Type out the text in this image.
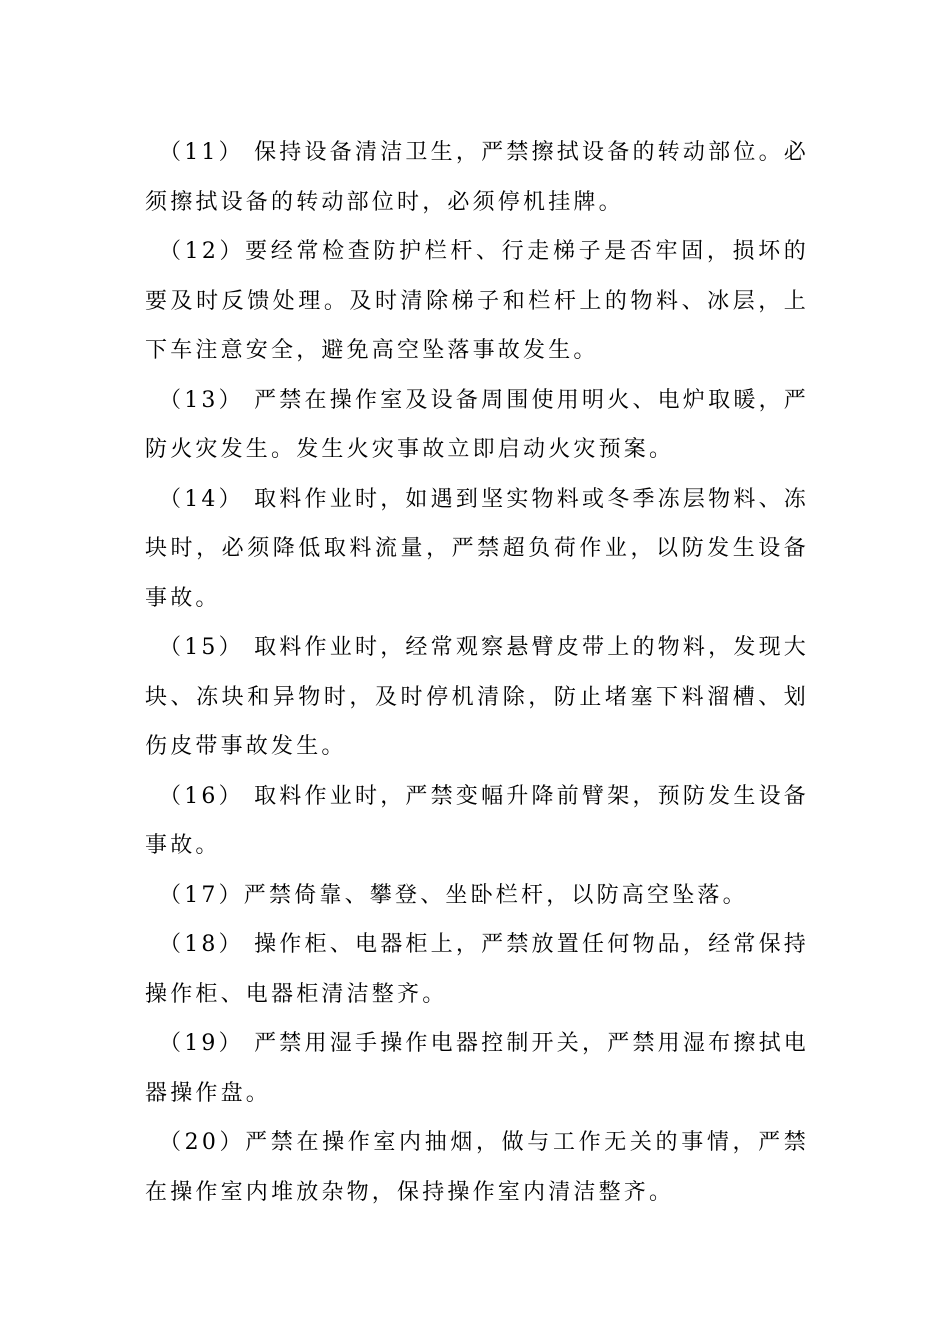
（11） 保持设备清洁卫生，严禁擦拭设备的转动部位。必须擦拭设备的转动部位时，必须停机挂牌。

（12）要经常检查防护栏杆、行走梯子是否牢固，损坏的要及时反馈处理。及时清除梯子和栏杆上的物料、冰层，上下车注意安全，避免高空坠落事故发生。

（13） 严禁在操作室及设备周围使用明火、电炉取暖，严防火灾发生。发生火灾事故立即启动火灾预案。

（14） 取料作业时，如遇到坚实物料或冬季冻层物料、冻块时，必须降低取料流量，严禁超负荷作业，以防发生设备事故。

（15） 取料作业时，经常观察悬臂皮带上的物料，发现大块、冻块和异物时，及时停机清除，防止堵塞下料溜槽、划伤皮带事故发生。

（16） 取料作业时，严禁变幅升降前臂架，预防发生设备事故。

（17）严禁倚靠、攀登、坐卧栏杆，以防高空坠落。

（18） 操作柜、电器柜上，严禁放置任何物品，经常保持操作柜、电器柜清洁整齐。

（19） 严禁用湿手操作电器控制开关，严禁用湿布擦拭电器操作盘。

（20）严禁在操作室内抽烟，做与工作无关的事情，严禁在操作室内堆放杂物，保持操作室内清洁整齐。
